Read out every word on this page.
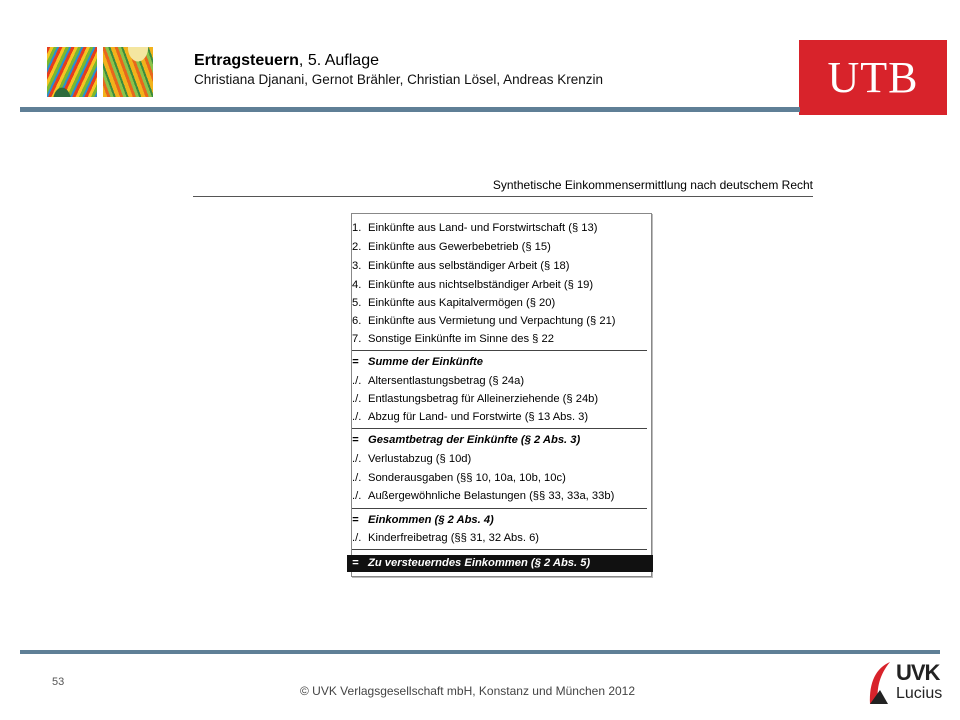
Ertragsteuern, 5. Auflage
Christiana Djanani, Gernot Brähler, Christian Lösel, Andreas Krenzin	UTB
Synthetische Einkommensermittlung nach deutschem Recht
1. Einkünfte aus Land- und Forstwirtschaft (§ 13)
2. Einkünfte aus Gewerbebetrieb (§ 15)
3. Einkünfte aus selbständiger Arbeit (§ 18)
4. Einkünfte aus nichtselbständiger Arbeit (§ 19)
5. Einkünfte aus Kapitalvermögen (§ 20)
6. Einkünfte aus Vermietung und Verpachtung (§ 21)
7. Sonstige Einkünfte im Sinne des § 22
= Summe der Einkünfte
./. Altersentlastungsbetrag (§ 24a)
./. Entlastungsbetrag für Alleinerziehende (§ 24b)
./. Abzug für Land- und Forstwirte (§ 13 Abs. 3)
= Gesamtbetrag der Einkünfte (§ 2 Abs. 3)
./. Verlustabzug (§ 10d)
./. Sonderausgaben (§§ 10, 10a, 10b, 10c)
./. Außergewöhnliche Belastungen (§§ 33, 33a, 33b)
= Einkommen (§ 2 Abs. 4)
./. Kinderfreibetrag (§§ 31, 32 Abs. 6)
= Zu versteuerndes Einkommen (§ 2 Abs. 5)
53
© UVK Verlagsgesellschaft mbH, Konstanz und München 2012
UVK
Lucius
